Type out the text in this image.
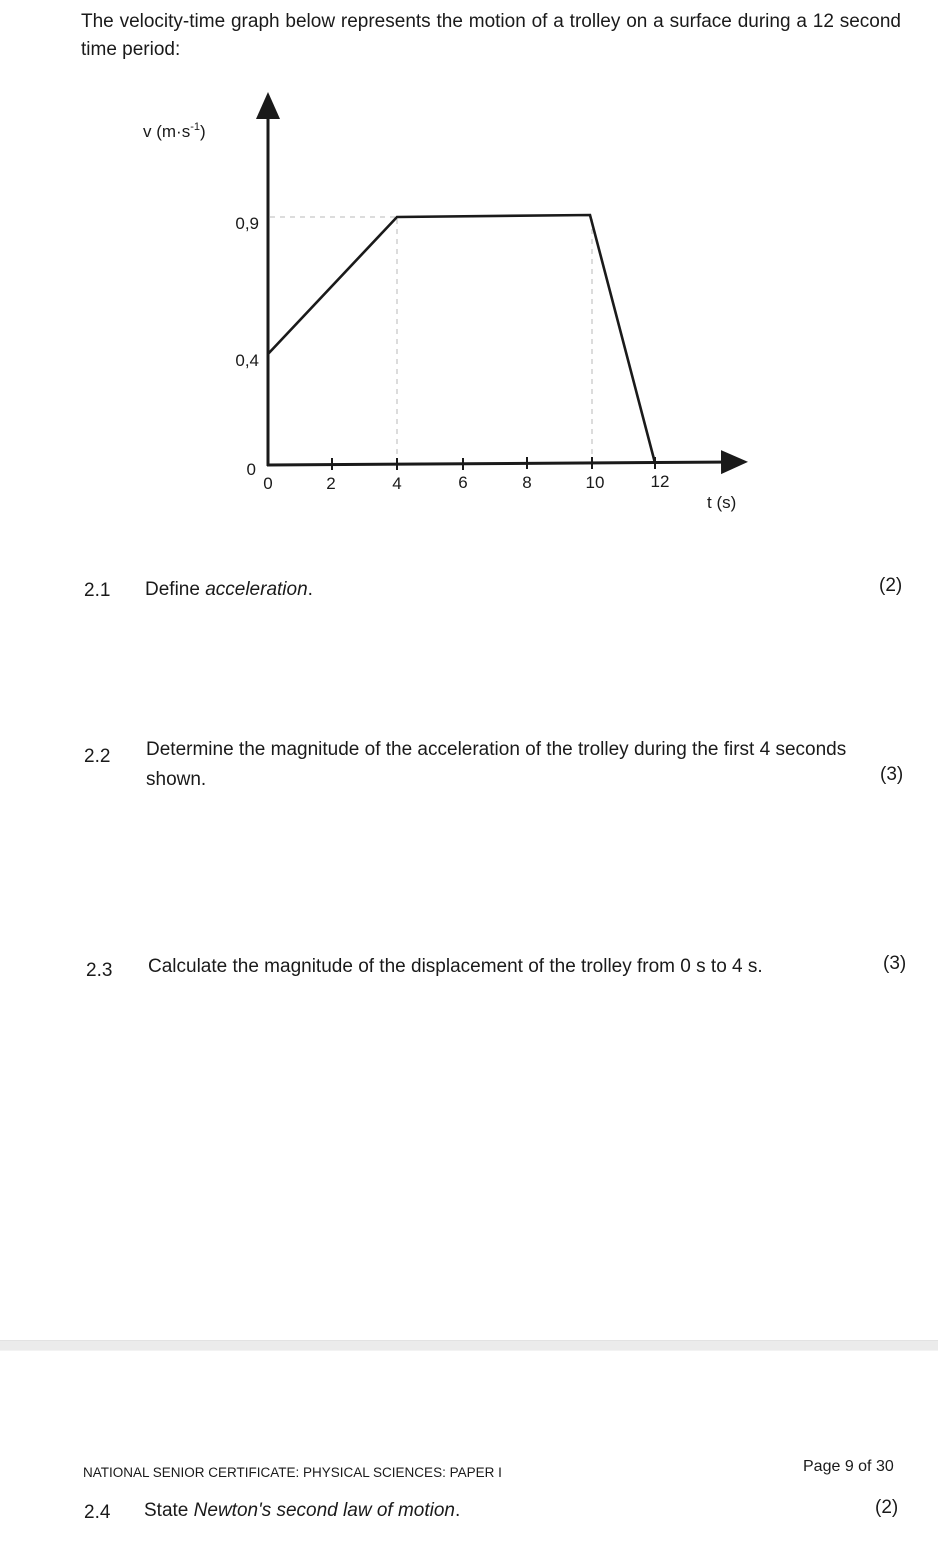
The velocity-time graph below represents the motion of a trolley on a surface during a 12 second time period:
v $(m\cdot s^{-1})$
0,9
0,4
0
0	2	4	6	8	10	12
t (s)
2.1 Define acceleration.	(2)
2.2 Determine the magnitude of the acceleration of the trolley during the first 4 seconds
shown.	(3)
2.3 Calculate the magnitude of the displacement of the trolley from 0 s to 4 s.	(3)
NATIONAL SENIOR CERTIFICATE: PHYSICAL SCIENCES: PAPER I	Page 9 of 30
2.4 State Newton's second law of motion.	(2)
